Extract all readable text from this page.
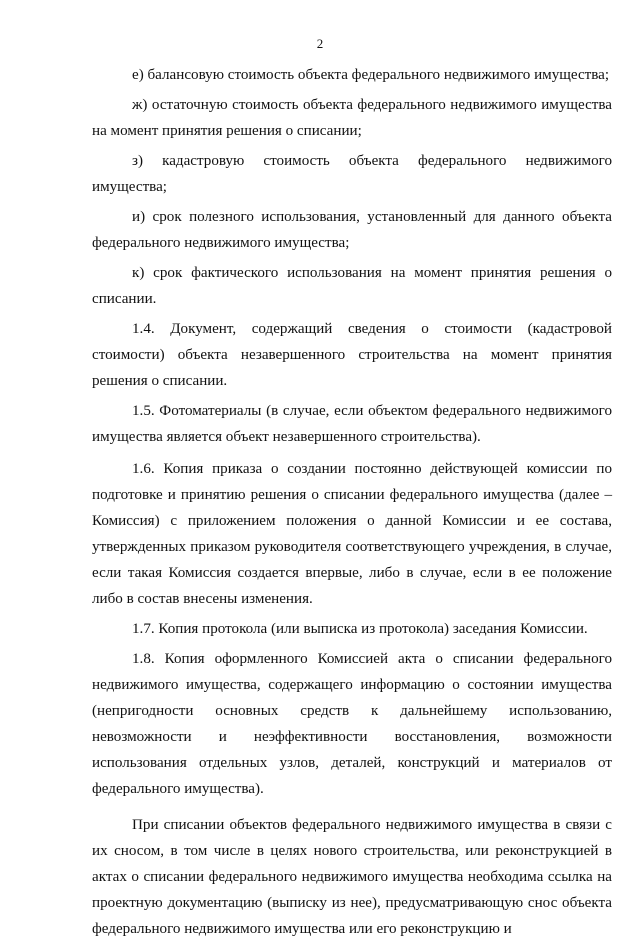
2

е) балансовую стоимость объекта федерального недвижимого имущества;

ж) остаточную стоимость объекта федерального недвижимого имущества на момент принятия решения о списании;

з) кадастровую стоимость объекта федерального недвижимого имущества;

и) срок полезного использования, установленный для данного объекта федерального недвижимого имущества;

к) срок фактического использования на момент принятия решения о списании.

1.4. Документ, содержащий сведения о стоимости (кадастровой стоимости) объекта незавершенного строительства на момент принятия решения о списании.

1.5. Фотоматериалы (в случае, если объектом федерального недвижимого имущества является объект незавершенного строительства).

1.6. Копия приказа о создании постоянно действующей комиссии по подготовке и принятию решения о списании федерального имущества (далее – Комиссия) с приложением положения о данной Комиссии и ее состава, утвержденных приказом руководителя соответствующего учреждения, в случае, если такая Комиссия создается впервые, либо в случае, если в ее положение либо в состав внесены изменения.

1.7. Копия протокола (или выписка из протокола) заседания Комиссии.

1.8. Копия оформленного Комиссией акта о списании федерального недвижимого имущества, содержащего информацию о состоянии имущества (непригодности основных средств к дальнейшему использованию, невозможности и неэффективности восстановления, возможности использования отдельных узлов, деталей, конструкций и материалов от федерального имущества).

При списании объектов федерального недвижимого имущества в связи с их сносом, в том числе в целях нового строительства, или реконструкцией в актах о списании федерального недвижимого имущества необходима ссылка на проектную документацию (выписку из нее), предусматривающую снос объекта федерального недвижимого имущества или его реконструкцию и
